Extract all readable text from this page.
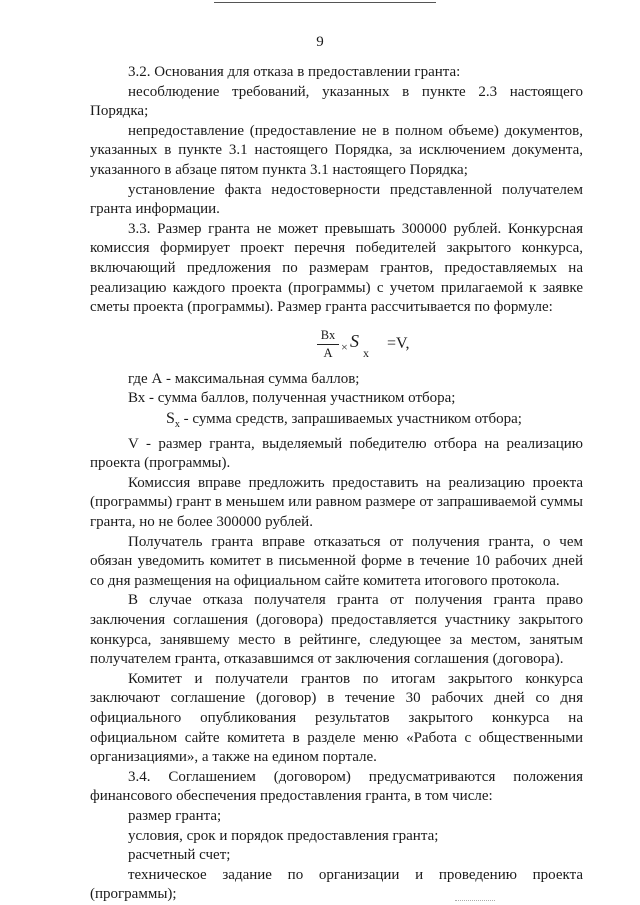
9

3.2. Основания для отказа в предоставлении гранта:

несоблюдение требований, указанных в пункте 2.3 настоящего Порядка;

непредоставление (предоставление не в полном объеме) документов, указанных в пункте 3.1 настоящего Порядка, за исключением документа, указанного в абзаце пятом пункта 3.1 настоящего Порядка;

установление факта недостоверности представленной получателем гранта информации.

3.3. Размер гранта не может превышать 300000 рублей. Конкурсная комиссия формирует проект перечня победителей закрытого конкурса, включающий предложения по размерам грантов, предоставляемых на реализацию каждого проекта (программы) с учетом прилагаемой к заявке сметы проекта (программы). Размер гранта рассчитывается по формуле:

Вх
А × S
x
=V,

где А - максимальная сумма баллов;

Вх - сумма баллов, полученная участником отбора;

$S_x$ - сумма средств, запрашиваемых участником отбора;

V - размер гранта, выделяемый победителю отбора на реализацию проекта (программы).

Комиссия вправе предложить предоставить на реализацию проекта (программы) грант в меньшем или равном размере от запрашиваемой суммы гранта, но не более 300000 рублей.

Получатель гранта вправе отказаться от получения гранта, о чем обязан уведомить комитет в письменной форме в течение 10 рабочих дней со дня размещения на официальном сайте комитета итогового протокола.

В случае отказа получателя гранта от получения гранта право заключения соглашения (договора) предоставляется участнику закрытого конкурса, занявшему место в рейтинге, следующее за местом, занятым получателем гранта, отказавшимся от заключения соглашения (договора).

Комитет и получатели грантов по итогам закрытого конкурса заключают соглашение (договор) в течение 30 рабочих дней со дня официального опубликования результатов закрытого конкурса на официальном сайте комитета в разделе меню «Работа с общественными организациями», а также на едином портале.

3.4. Соглашением (договором) предусматриваются положения финансового обеспечения предоставления гранта, в том числе:

размер гранта;

условия, срок и порядок предоставления гранта;

расчетный счет;

техническое задание по организации и проведению проекта (программы);
